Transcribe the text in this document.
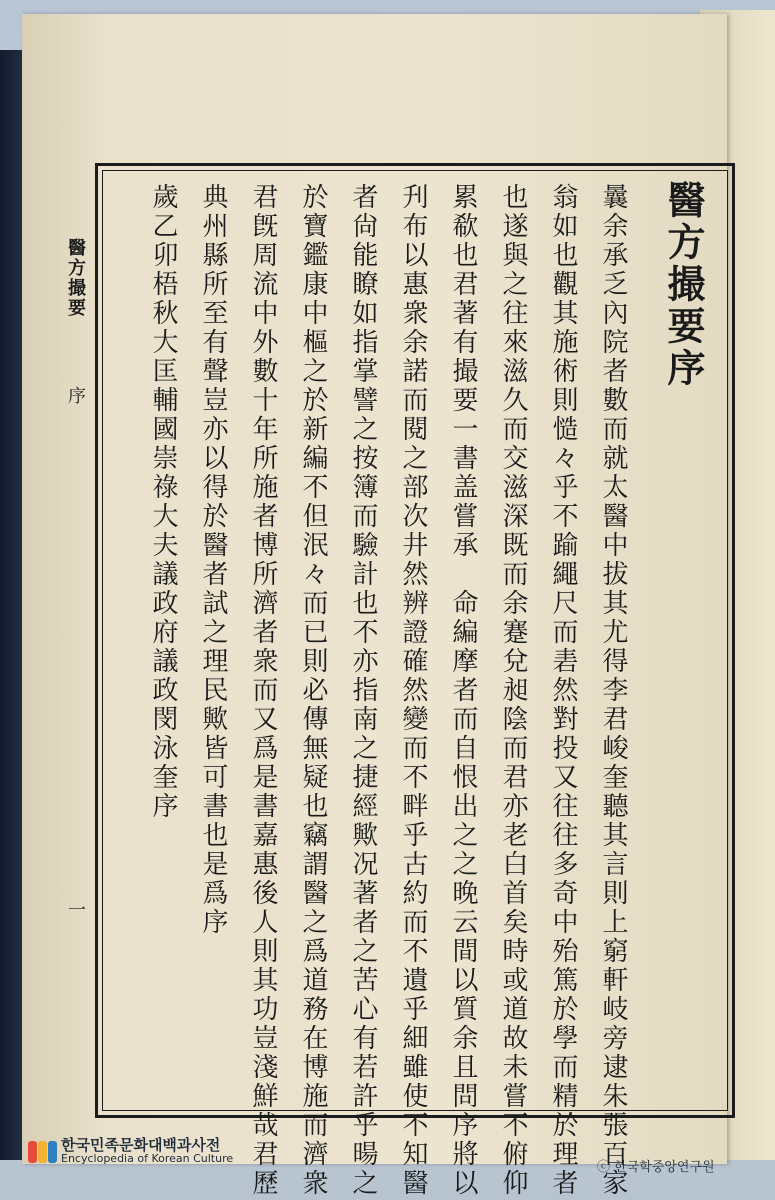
醫方撮要序
曩余承乏內院者數而就太醫中拔其尤得李君峻奎聽其言則上窮軒岐旁逮朱張百家
翁如也觀其施術則慥々乎不踰繩尺而砉然對投又往往多奇中殆篤於學而精於理者
也遂與之往來滋久而交滋深既而余蹇兌昶陰而君亦老白首矣時或道故未嘗不俯仰
累欷也君著有撮要一書盖嘗承　命編摩者而自恨出之之晚云間以質余且問序將以
刋布以惠衆余諾而閱之部次井然辨證確然變而不畔乎古約而不遺乎細雖使不知醫
者尙能瞭如指掌譬之按簿而驗計也不亦指南之捷經歟况著者之苦心有若許乎暘之
於寶鑑康中樞之於新編不但泯々而已則必傳無疑也竊謂醫之爲道務在博施而濟衆
君旣周流中外數十年所施者博所濟者衆而又爲是書嘉惠後人則其功豈淺鮮哉君歷
典州縣所至有聲豈亦以得於醫者試之理民歟皆可書也是爲序
歲乙卯梧秋大匡輔國崇祿大夫議政府議政閔泳奎序
醫方撮要
序
一
한국민족문화대백과사전
Encyclopedia of Korean Culture
ⓒ 한국학중앙연구원
